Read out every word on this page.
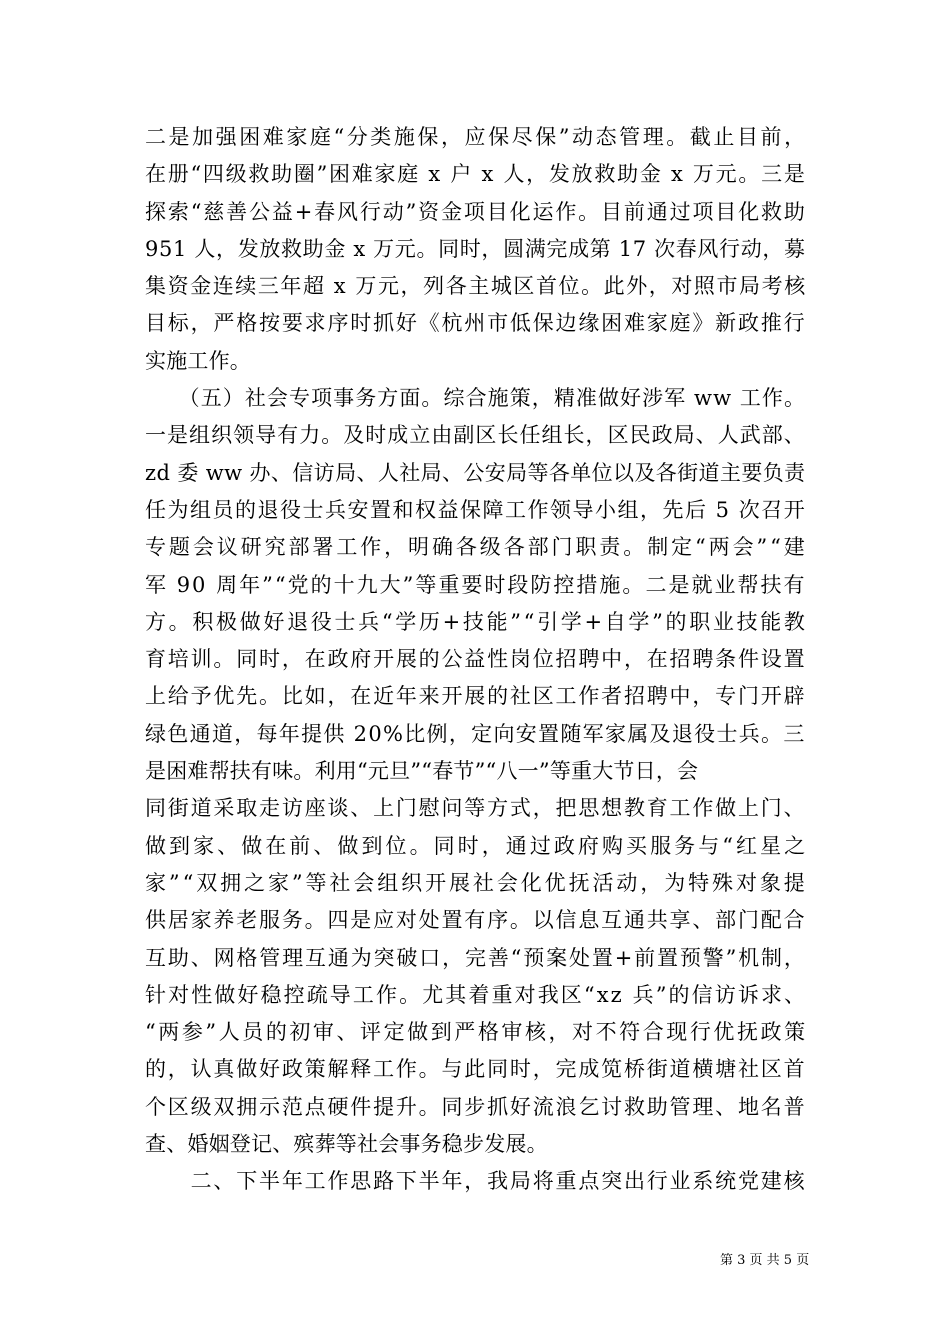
二是加强困难家庭“分类施保，应保尽保”动态管理。截止目前，
在册“四级救助圈”困难家庭 x 户 x 人，发放救助金 x 万元。三是
探索“慈善公益+春风行动”资金项目化运作。目前通过项目化救助
951 人，发放救助金 x 万元。同时，圆满完成第 17 次春风行动，募
集资金连续三年超 x 万元，列各主城区首位。此外，对照市局考核
目标，严格按要求序时抓好《杭州市低保边缘困难家庭》新政推行
实施工作。
　　（五）社会专项事务方面。综合施策，精准做好涉军 ww 工作。
一是组织领导有力。及时成立由副区长任组长，区民政局、人武部、
zd 委 ww 办、信访局、人社局、公安局等各单位以及各街道主要负责
任为组员的退役士兵安置和权益保障工作领导小组，先后 5 次召开
专题会议研究部署工作，明确各级各部门职责。制定“两会”“建
军 90 周年”“党的十九大”等重要时段防控措施。二是就业帮扶有
方。积极做好退役士兵“学历+技能”“引学+自学”的职业技能教
育培训。同时，在政府开展的公益性岗位招聘中，在招聘条件设置
上给予优先。比如，在近年来开展的社区工作者招聘中，专门开辟
绿色通道，每年提供 20%比例，定向安置随军家属及退役士兵。三
是困难帮扶有味。利用“元旦”“春节”“八一”等重大节日，会
同街道采取走访座谈、上门慰问等方式，把思想教育工作做上门、
做到家、做在前、做到位。同时，通过政府购买服务与“红星之
家”“双拥之家”等社会组织开展社会化优抚活动，为特殊对象提
供居家养老服务。四是应对处置有序。以信息互通共享、部门配合
互助、网格管理互通为突破口，完善“预案处置+前置预警”机制，
针对性做好稳控疏导工作。尤其着重对我区“xz 兵”的信访诉求、
“两参”人员的初审、评定做到严格审核，对不符合现行优抚政策
的，认真做好政策解释工作。与此同时，完成笕桥街道横塘社区首
个区级双拥示范点硬件提升。同步抓好流浪乞讨救助管理、地名普
查、婚姻登记、殡葬等社会事务稳步发展。
　　二、下半年工作思路下半年，我局将重点突出行业系统党建核
第 3 页 共 5 页
